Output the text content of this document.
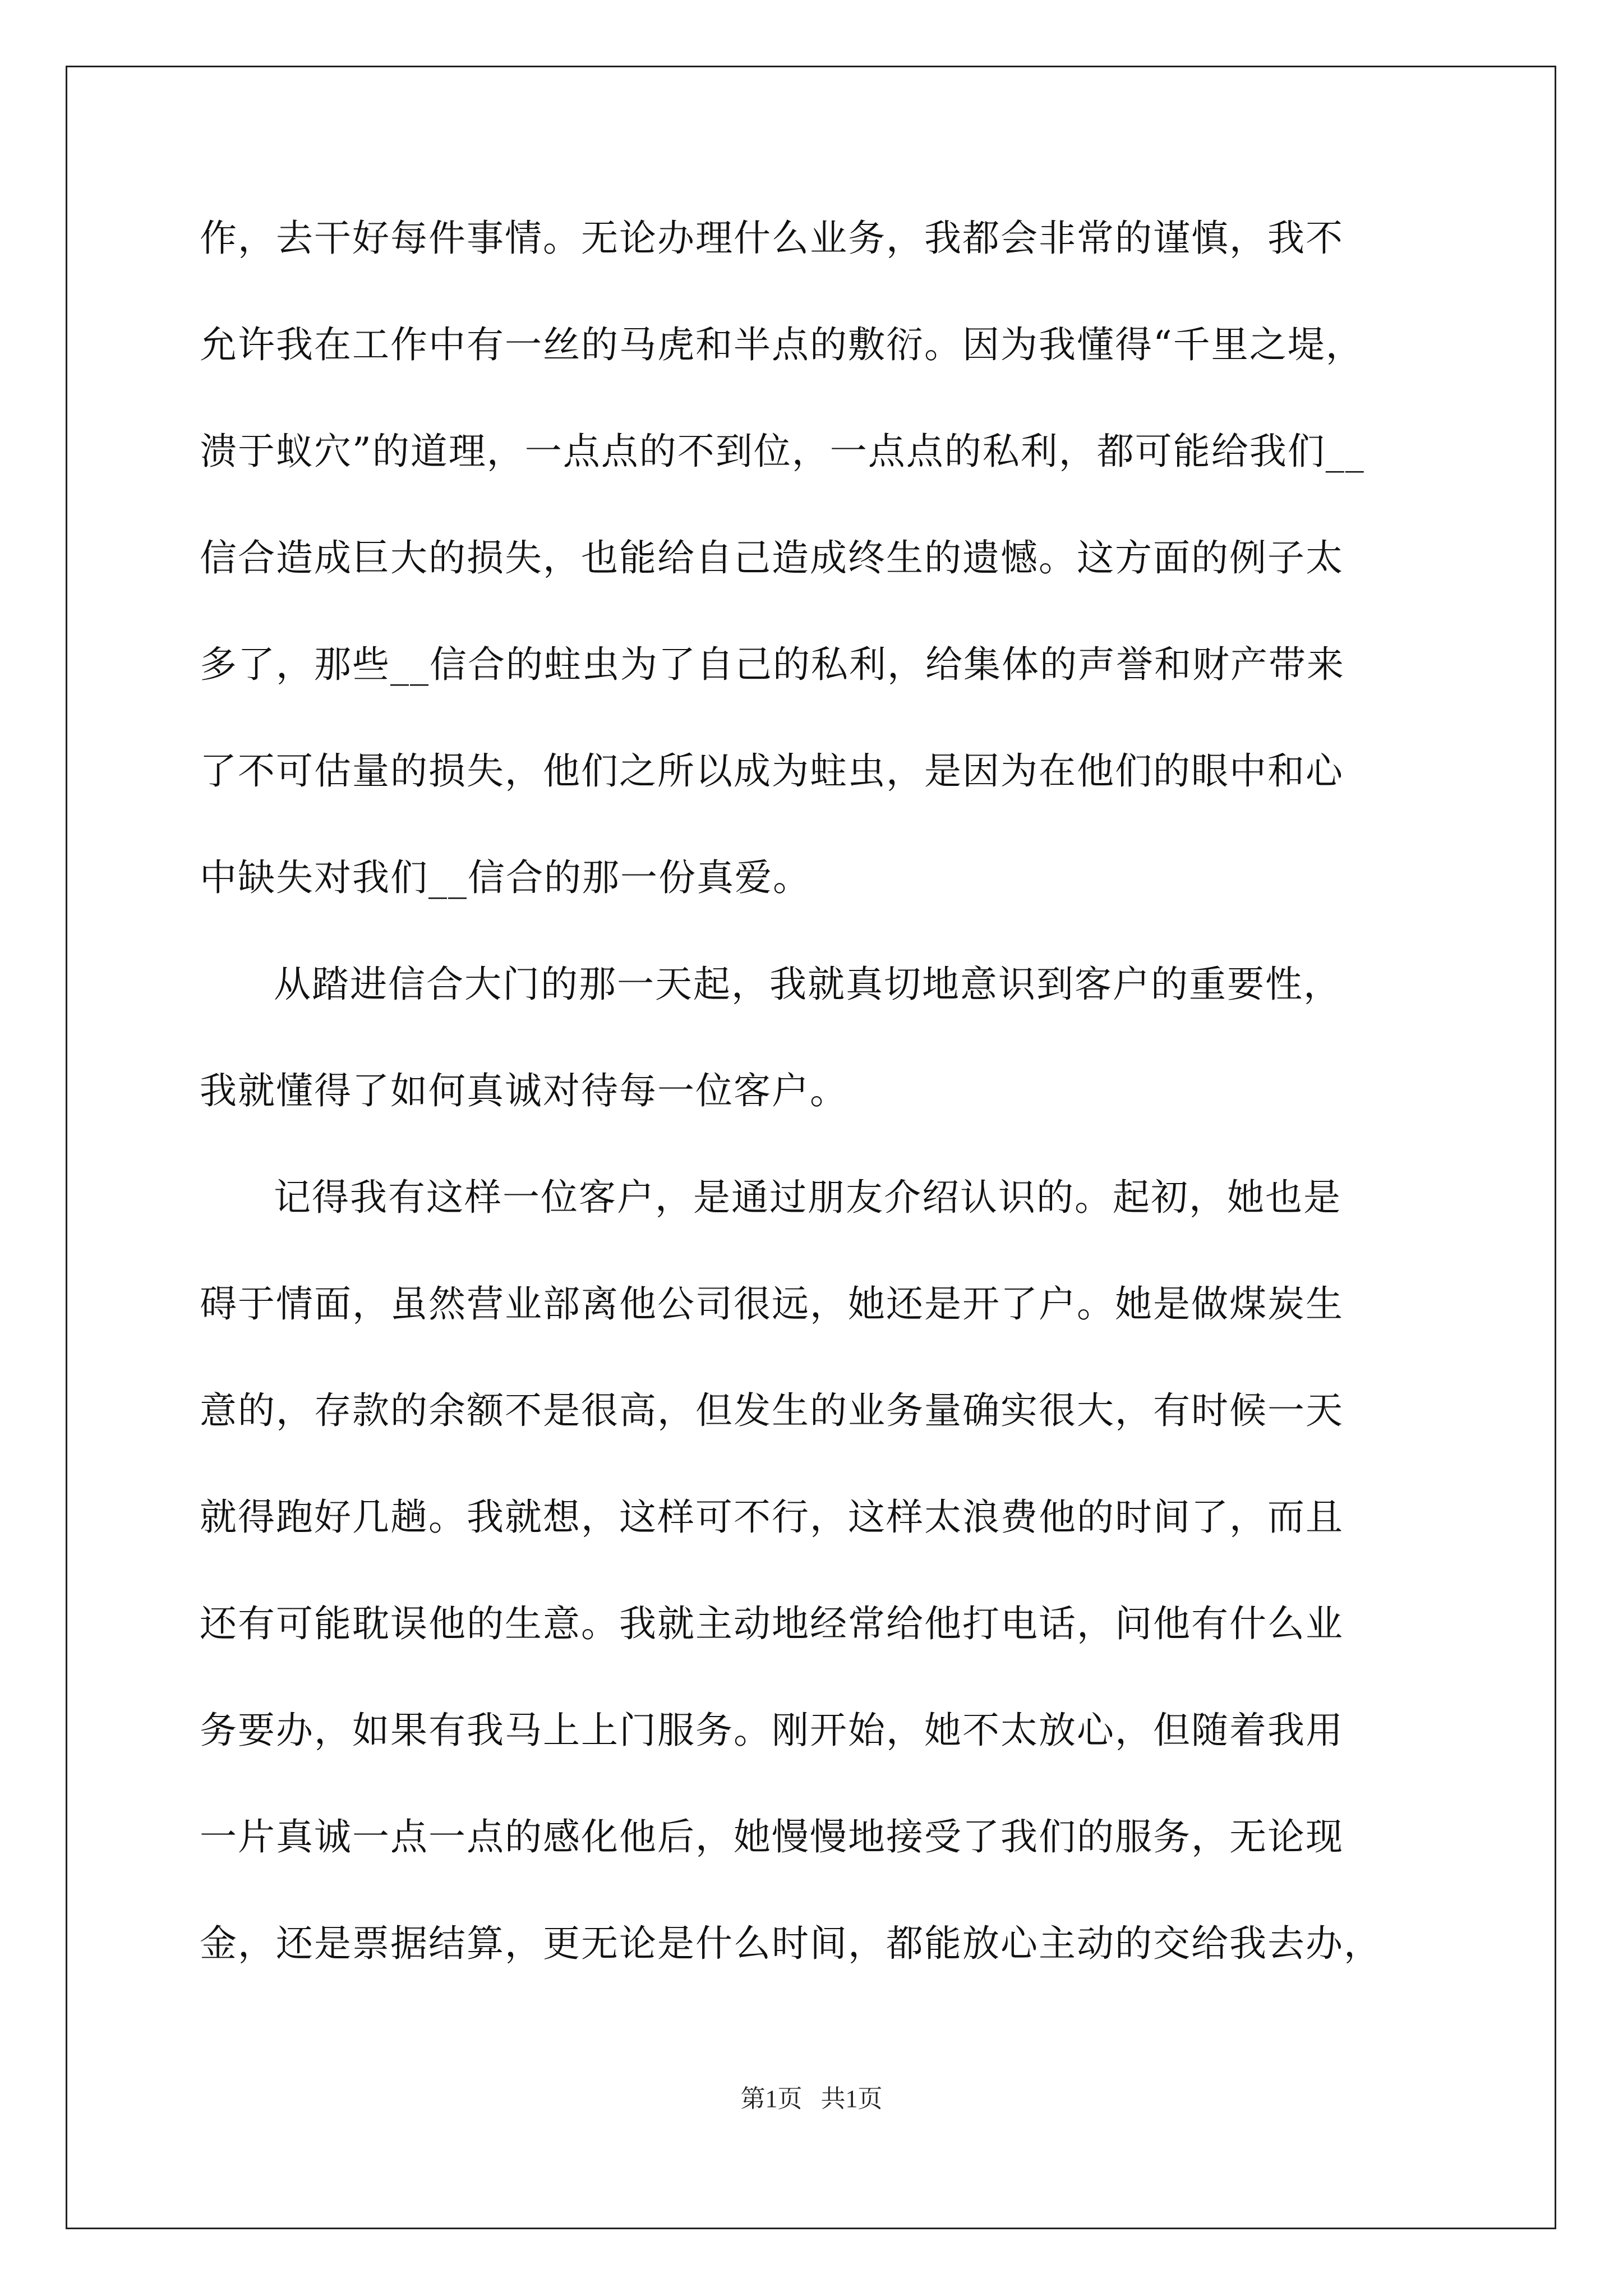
作，去干好每件事情。无论办理什么业务，我都会非常的谨慎，我不
允许我在工作中有一丝的马虎和半点的敷衍。因为我懂得“千里之堤，
溃于蚁穴”的道理，一点点的不到位，一点点的私利，都可能给我们__
信合造成巨大的损失，也能给自己造成终生的遗憾。这方面的例子太
多了，那些__信合的蛀虫为了自己的私利，给集体的声誉和财产带来
了不可估量的损失，他们之所以成为蛀虫，是因为在他们的眼中和心
中缺失对我们__信合的那一份真爱。
从踏进信合大门的那一天起，我就真切地意识到客户的重要性，
我就懂得了如何真诚对待每一位客户。
记得我有这样一位客户，是通过朋友介绍认识的。起初，她也是
碍于情面，虽然营业部离他公司很远，她还是开了户。她是做煤炭生
意的，存款的余额不是很高，但发生的业务量确实很大，有时候一天
就得跑好几趟。我就想，这样可不行，这样太浪费他的时间了，而且
还有可能耽误他的生意。我就主动地经常给他打电话，问他有什么业
务要办，如果有我马上上门服务。刚开始，她不太放心，但随着我用
一片真诚一点一点的感化他后，她慢慢地接受了我们的服务，无论现
金，还是票据结算，更无论是什么时间，都能放心主动的交给我去办，
第1页   共1页
